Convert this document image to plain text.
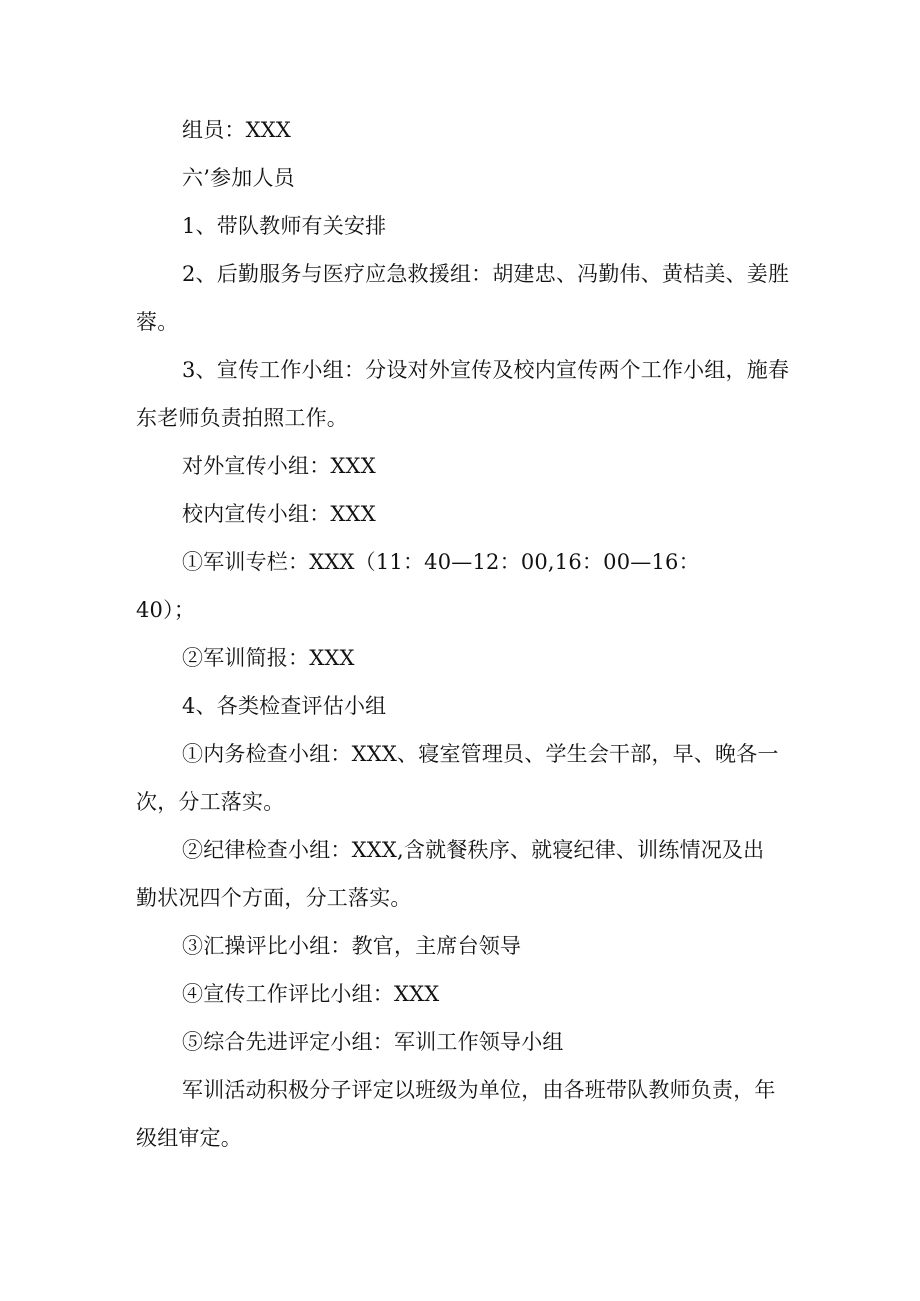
组员：XXX
六’参加人员
1、带队教师有关安排
2、后勤服务与医疗应急救援组：胡建忠、冯勤伟、黄桔美、姜胜
蓉。
3、宣传工作小组：分设对外宣传及校内宣传两个工作小组，施春
东老师负责拍照工作。
对外宣传小组：XXX
校内宣传小组：XXX
①军训专栏：XXX（11：40—12：00,16：00—16：
40）；
②军训简报：XXX
4、各类检查评估小组
①内务检查小组：XXX、寝室管理员、学生会干部，早、晚各一
次，分工落实。
②纪律检查小组：XXX,含就餐秩序、就寝纪律、训练情况及出
勤状况四个方面，分工落实。
③汇操评比小组：教官，主席台领导
④宣传工作评比小组：XXX
⑤综合先进评定小组：军训工作领导小组
军训活动积极分子评定以班级为单位，由各班带队教师负责，年
级组审定。
